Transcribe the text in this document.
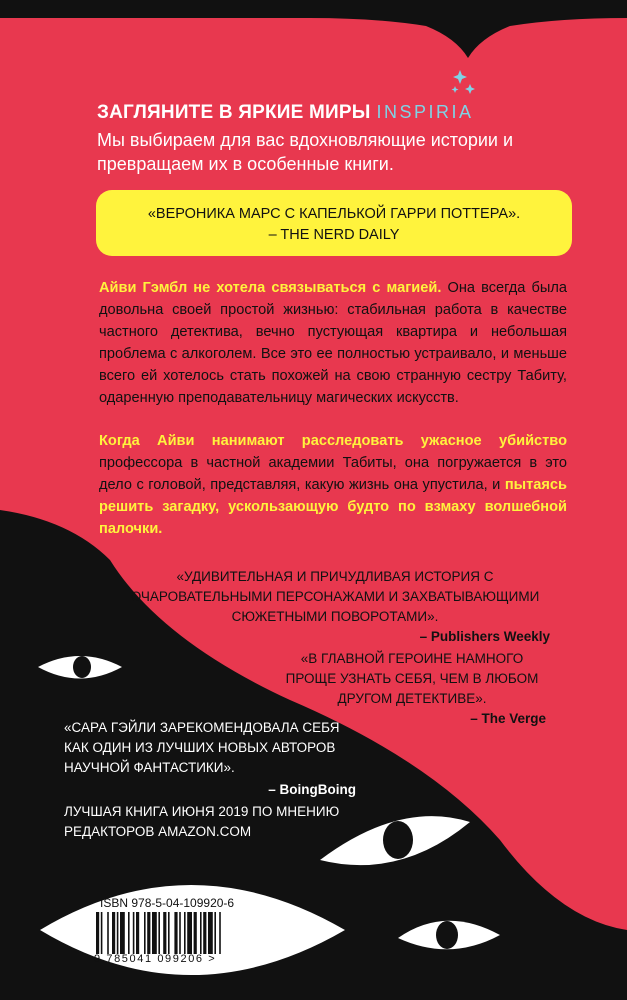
ЗАГЛЯНИТЕ В ЯРКИЕ МИРЫ INSPIRIA

Мы выбираем для вас вдохновляющие истории и превращаем их в особенные книги.

«ВЕРОНИКА МАРС С КАПЕЛЬКОЙ ГАРРИ ПОТТЕРА».
– THE NERD DAILY

Айви Гэмбл не хотела связываться с магией. Она всегда была довольна своей простой жизнью: стабильная работа в качестве частного детектива, вечно пустующая квартира и небольшая проблема с алкоголем. Все это ее полностью устраивало, и меньше всего ей хотелось стать похожей на свою странную сестру Табиту, одаренную преподавательницу магических искусств.

Когда Айви нанимают расследовать ужасное убийство профессора в частной академии Табиты, она погружается в это дело с головой, представляя, какую жизнь она упустила, и пытаясь решить загадку, ускользающую будто по взмаху волшебной палочки.

«УДИВИТЕЛЬНАЯ И ПРИЧУДЛИВАЯ ИСТОРИЯ С ОЧАРОВАТЕЛЬНЫМИ ПЕРСОНАЖАМИ И ЗАХВАТЫВАЮЩИМИ СЮЖЕТНЫМИ ПОВОРОТАМИ».
– Publishers Weekly
«В ГЛАВНОЙ ГЕРОИНЕ НАМНОГО ПРОЩЕ УЗНАТЬ СЕБЯ, ЧЕМ В ЛЮБОМ ДРУГОМ ДЕТЕКТИВЕ».
– The Verge
«САРА ГЭЙЛИ ЗАРЕКОМЕНДОВАЛА СЕБЯ КАК ОДИН ИЗ ЛУЧШИХ НОВЫХ АВТОРОВ НАУЧНОЙ ФАНТАСТИКИ».
– BoingBoing

ЛУЧШАЯ КНИГА ИЮНЯ 2019 ПО МНЕНИЮ РЕДАКТОРОВ AMAZON.COM

ISBN 978-5-04-109920-6
9 785041 099206 >
